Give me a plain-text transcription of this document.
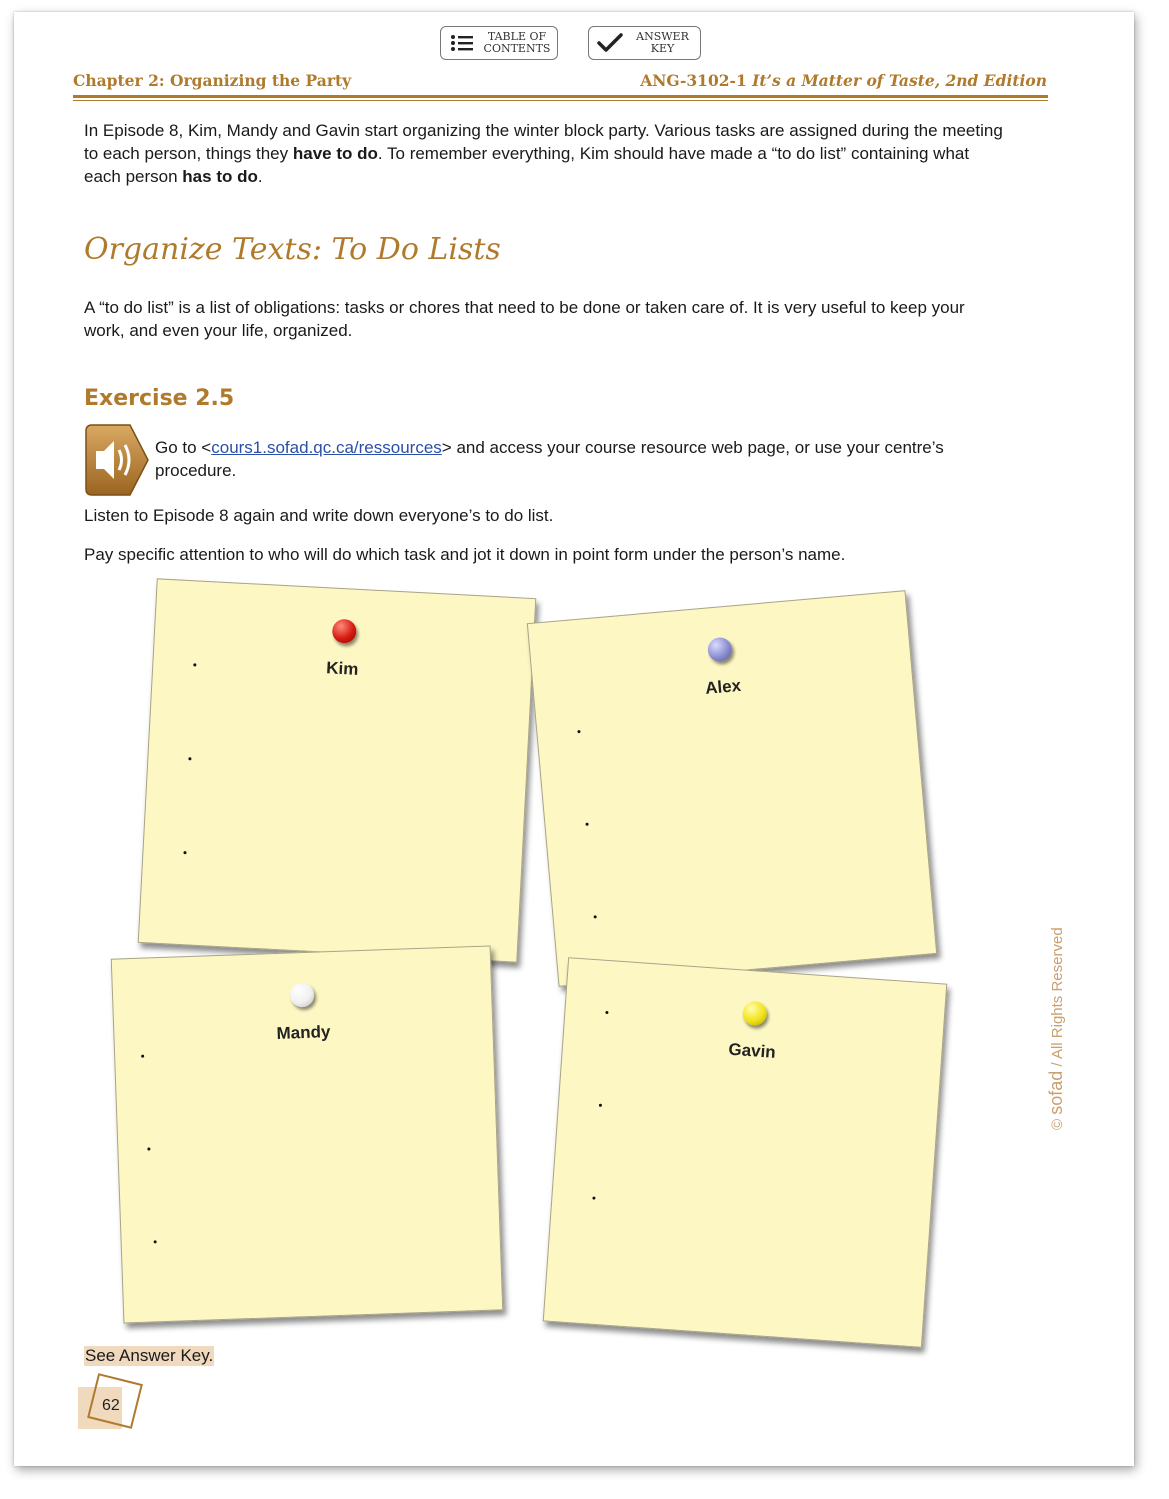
TABLE OF
CONTENTS
ANSWER
KEY
Chapter 2: Organizing the Party	ANG-3102-1 It’s a Matter of Taste, 2nd Edition
In Episode 8, Kim, Mandy and Gavin start organizing the winter block party. Various tasks are assigned during the meeting to each person, things they have to do. To remember everything, Kim should have made a “to do list” containing what each person has to do.
Organize Texts: To Do Lists
A “to do list” is a list of obligations: tasks or chores that need to be done or taken care of. It is very useful to keep your work, and even your life, organized.
Exercise 2.5
Go to <cours1.sofad.qc.ca/ressources> and access your course resource web page, or use your centre’s procedure.
Listen to Episode 8 again and write down everyone’s to do list.
Pay specific attention to who will do which task and jot it down in point form under the person’s name.
Kim
Alex
Mandy
Gavin
See Answer Key.
62
© sofad / All Rights Reserved
